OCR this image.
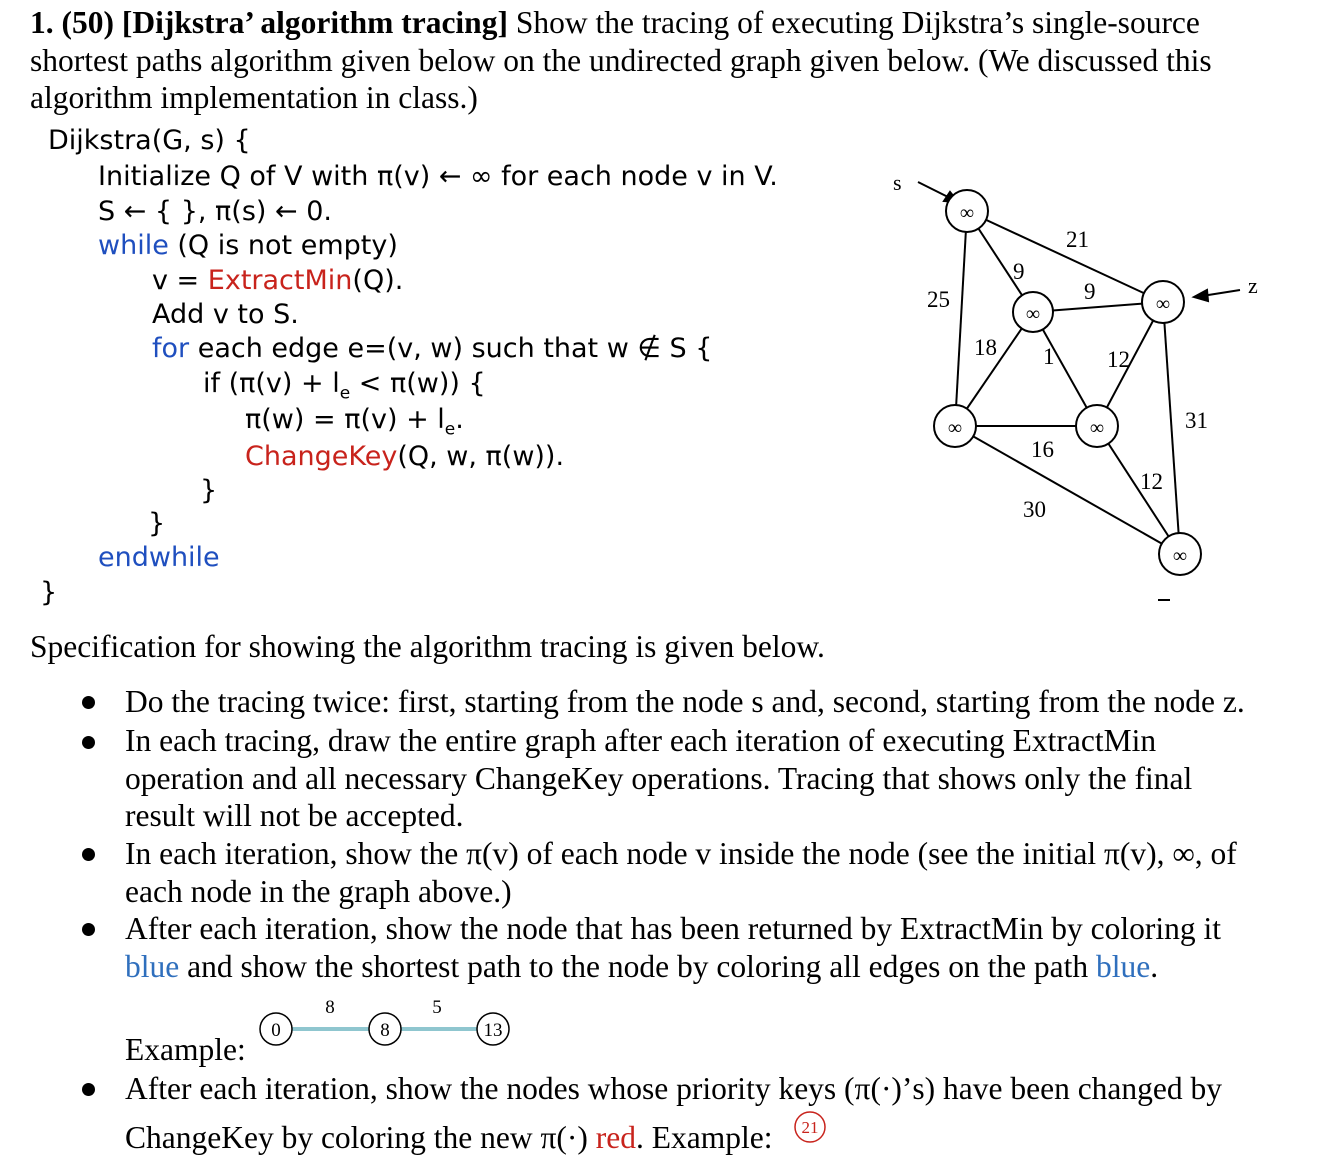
1. (50) [Dijkstra’ algorithm tracing] Show the tracing of executing Dijkstra’s single-source
shortest paths algorithm given below on the undirected graph given below. (We discussed this
algorithm implementation in class.)
Dijkstra(G, s) {
Initialize Q of V with π(v) ← ∞ for each node v in V.
S ← { }, π(s) ← 0.
while (Q is not empty)
v = ExtractMin(Q).
Add v to S.
for each edge e=(v, w) such that w ∉ S {
if $(\pi(v) + l_e < \pi(w))$ {
$\pi(w) = \pi(v) + l_e$.
ChangeKey(Q, w, π(w)).
}
}
endwhile
}
s
z
∞
∞	∞
∞	∞
∞
9
21
25	9
18 1 12
31
16
30
12
Specification for showing the algorithm tracing is given below.
Do the tracing twice: first, starting from the node s and, second, starting from the node z.
In each tracing, draw the entire graph after each iteration of executing ExtractMin
operation and all necessary ChangeKey operations. Tracing that shows only the final
result will not be accepted.
In each iteration, show the π(v) of each node v inside the node (see the initial π(v), ∞, of
each node in the graph above.)
After each iteration, show the node that has been returned by ExtractMin by coloring it
blue and show the shortest path to the node by coloring all edges on the path blue.
0	8	13
8	5
Example:
After each iteration, show the nodes whose priority keys (π(·)’s) have been changed by
ChangeKey by coloring the new π(·) red. Example: 21
